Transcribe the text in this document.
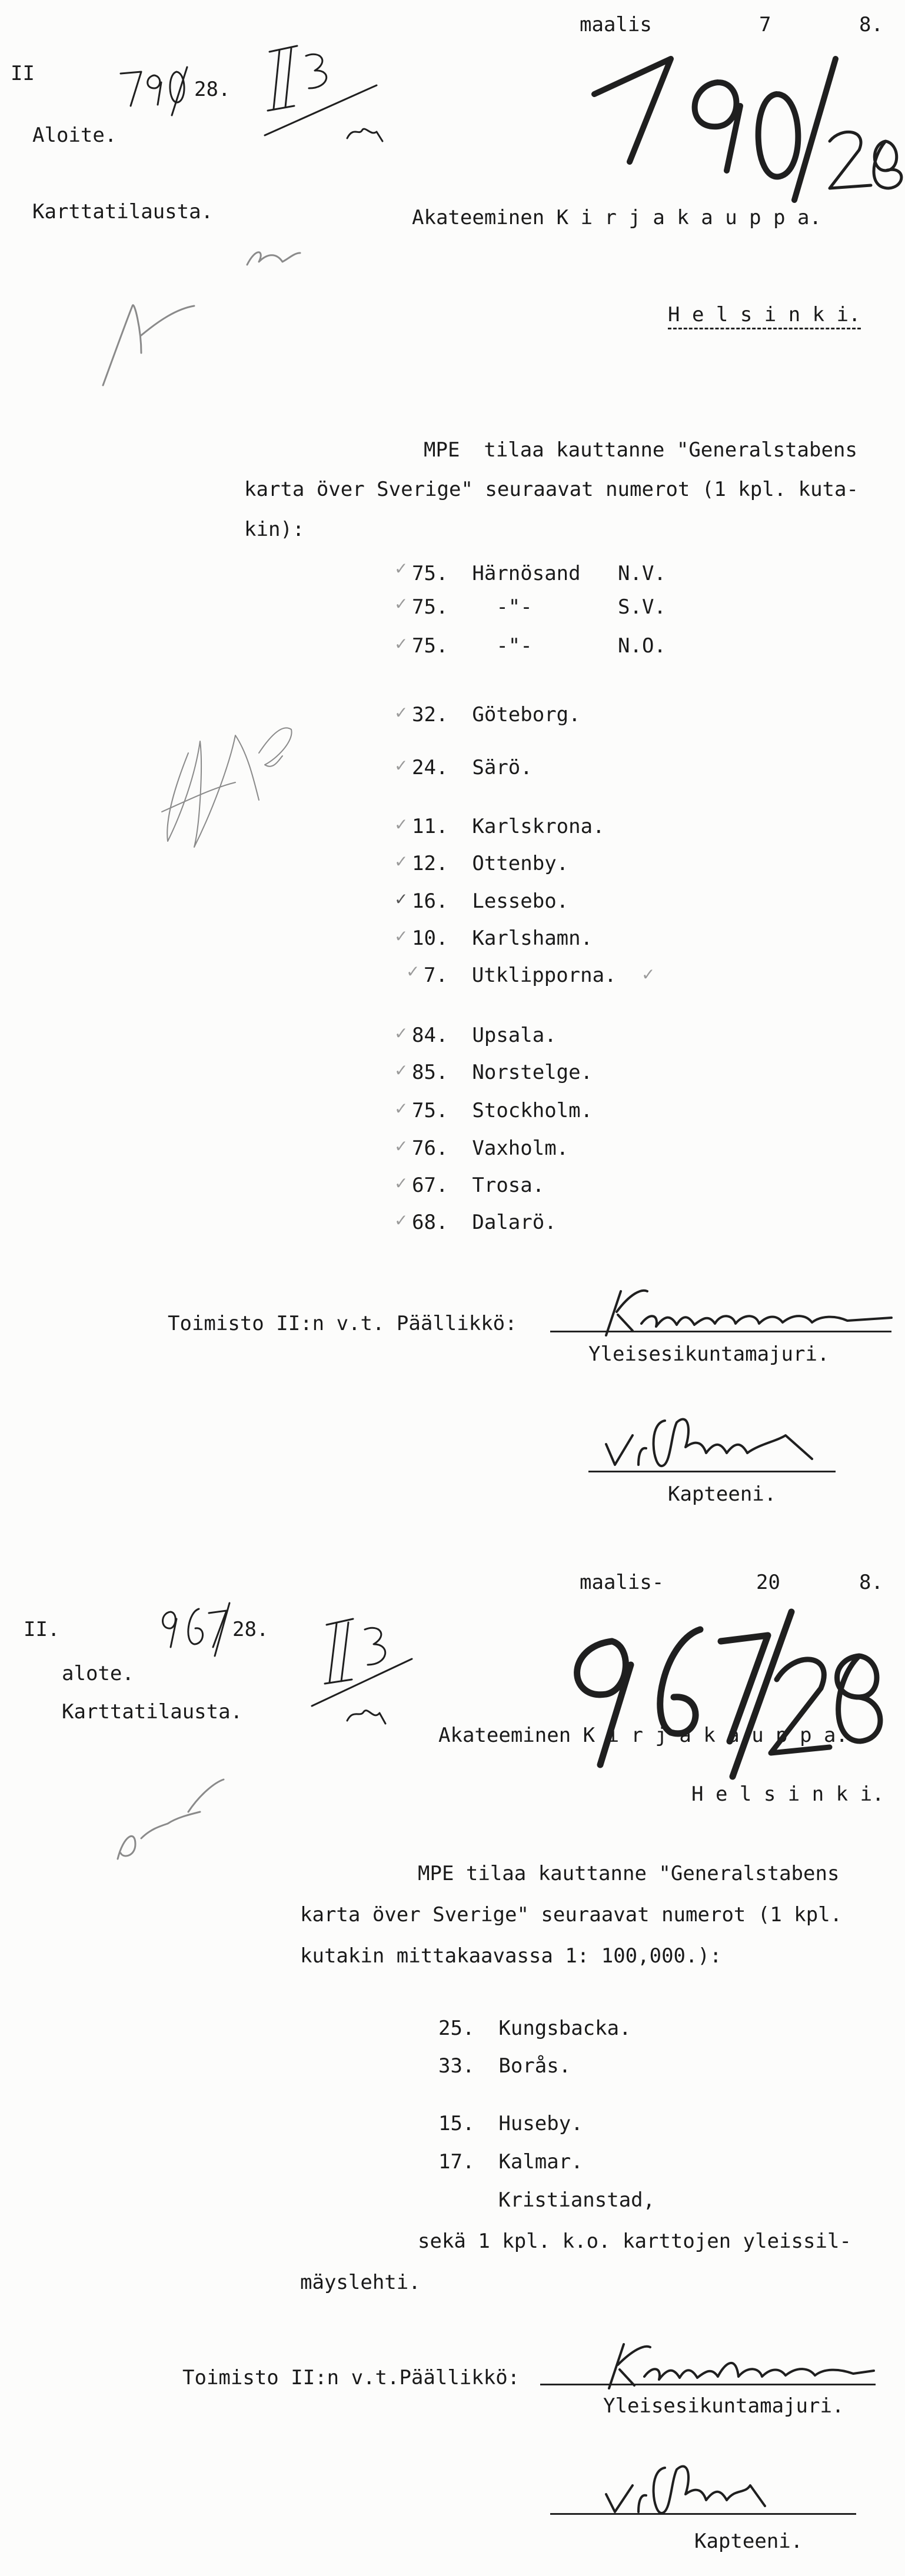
maalis	7	8.
II
28.
Aloite.
Karttatilausta.	Akateeminen K i r j a k a u p p a.
H e l s i n k i.
MPE  tilaa kauttanne "Generalstabens
karta över Sverige" seuraavat numerot (1 kpl. kuta-
kin):
75. Härnösand N.V.
75.    -"-	S.V.
75.    -"-	N.O.
32. Göteborg.
24. Särö.
11. Karlskrona.
12. Ottenby.
16. Lessebo.
10. Karlshamn.
7. Utklipporna.
84. Upsala.
85. Norstelge.
75. Stockholm.
76. Vaxholm.
67. Trosa.
68. Dalarö.
✓
✓
✓
✓
✓
✓
✓
✓
✓
✓	✓
✓
✓
✓
✓
✓
✓
Toimisto II:n v.t. Päällikkö:
Yleisesikuntamajuri.
Kapteeni.
maalis-	20	8.
II.	28.
alote.
Karttatilausta.
Akateeminen K i r j a k a u p p a.
H e l s i n k i.
MPE tilaa kauttanne "Generalstabens
karta över Sverige" seuraavat numerot (1 kpl.
kutakin mittakaavassa 1: 100,000.):
25. Kungsbacka.
33. Borås.
15. Huseby.
17. Kalmar.
Kristianstad,
sekä 1 kpl. k.o. karttojen yleissil-
mäyslehti.
Toimisto II:n v.t.Päällikkö:
Yleisesikuntamajuri.
Kapteeni.
